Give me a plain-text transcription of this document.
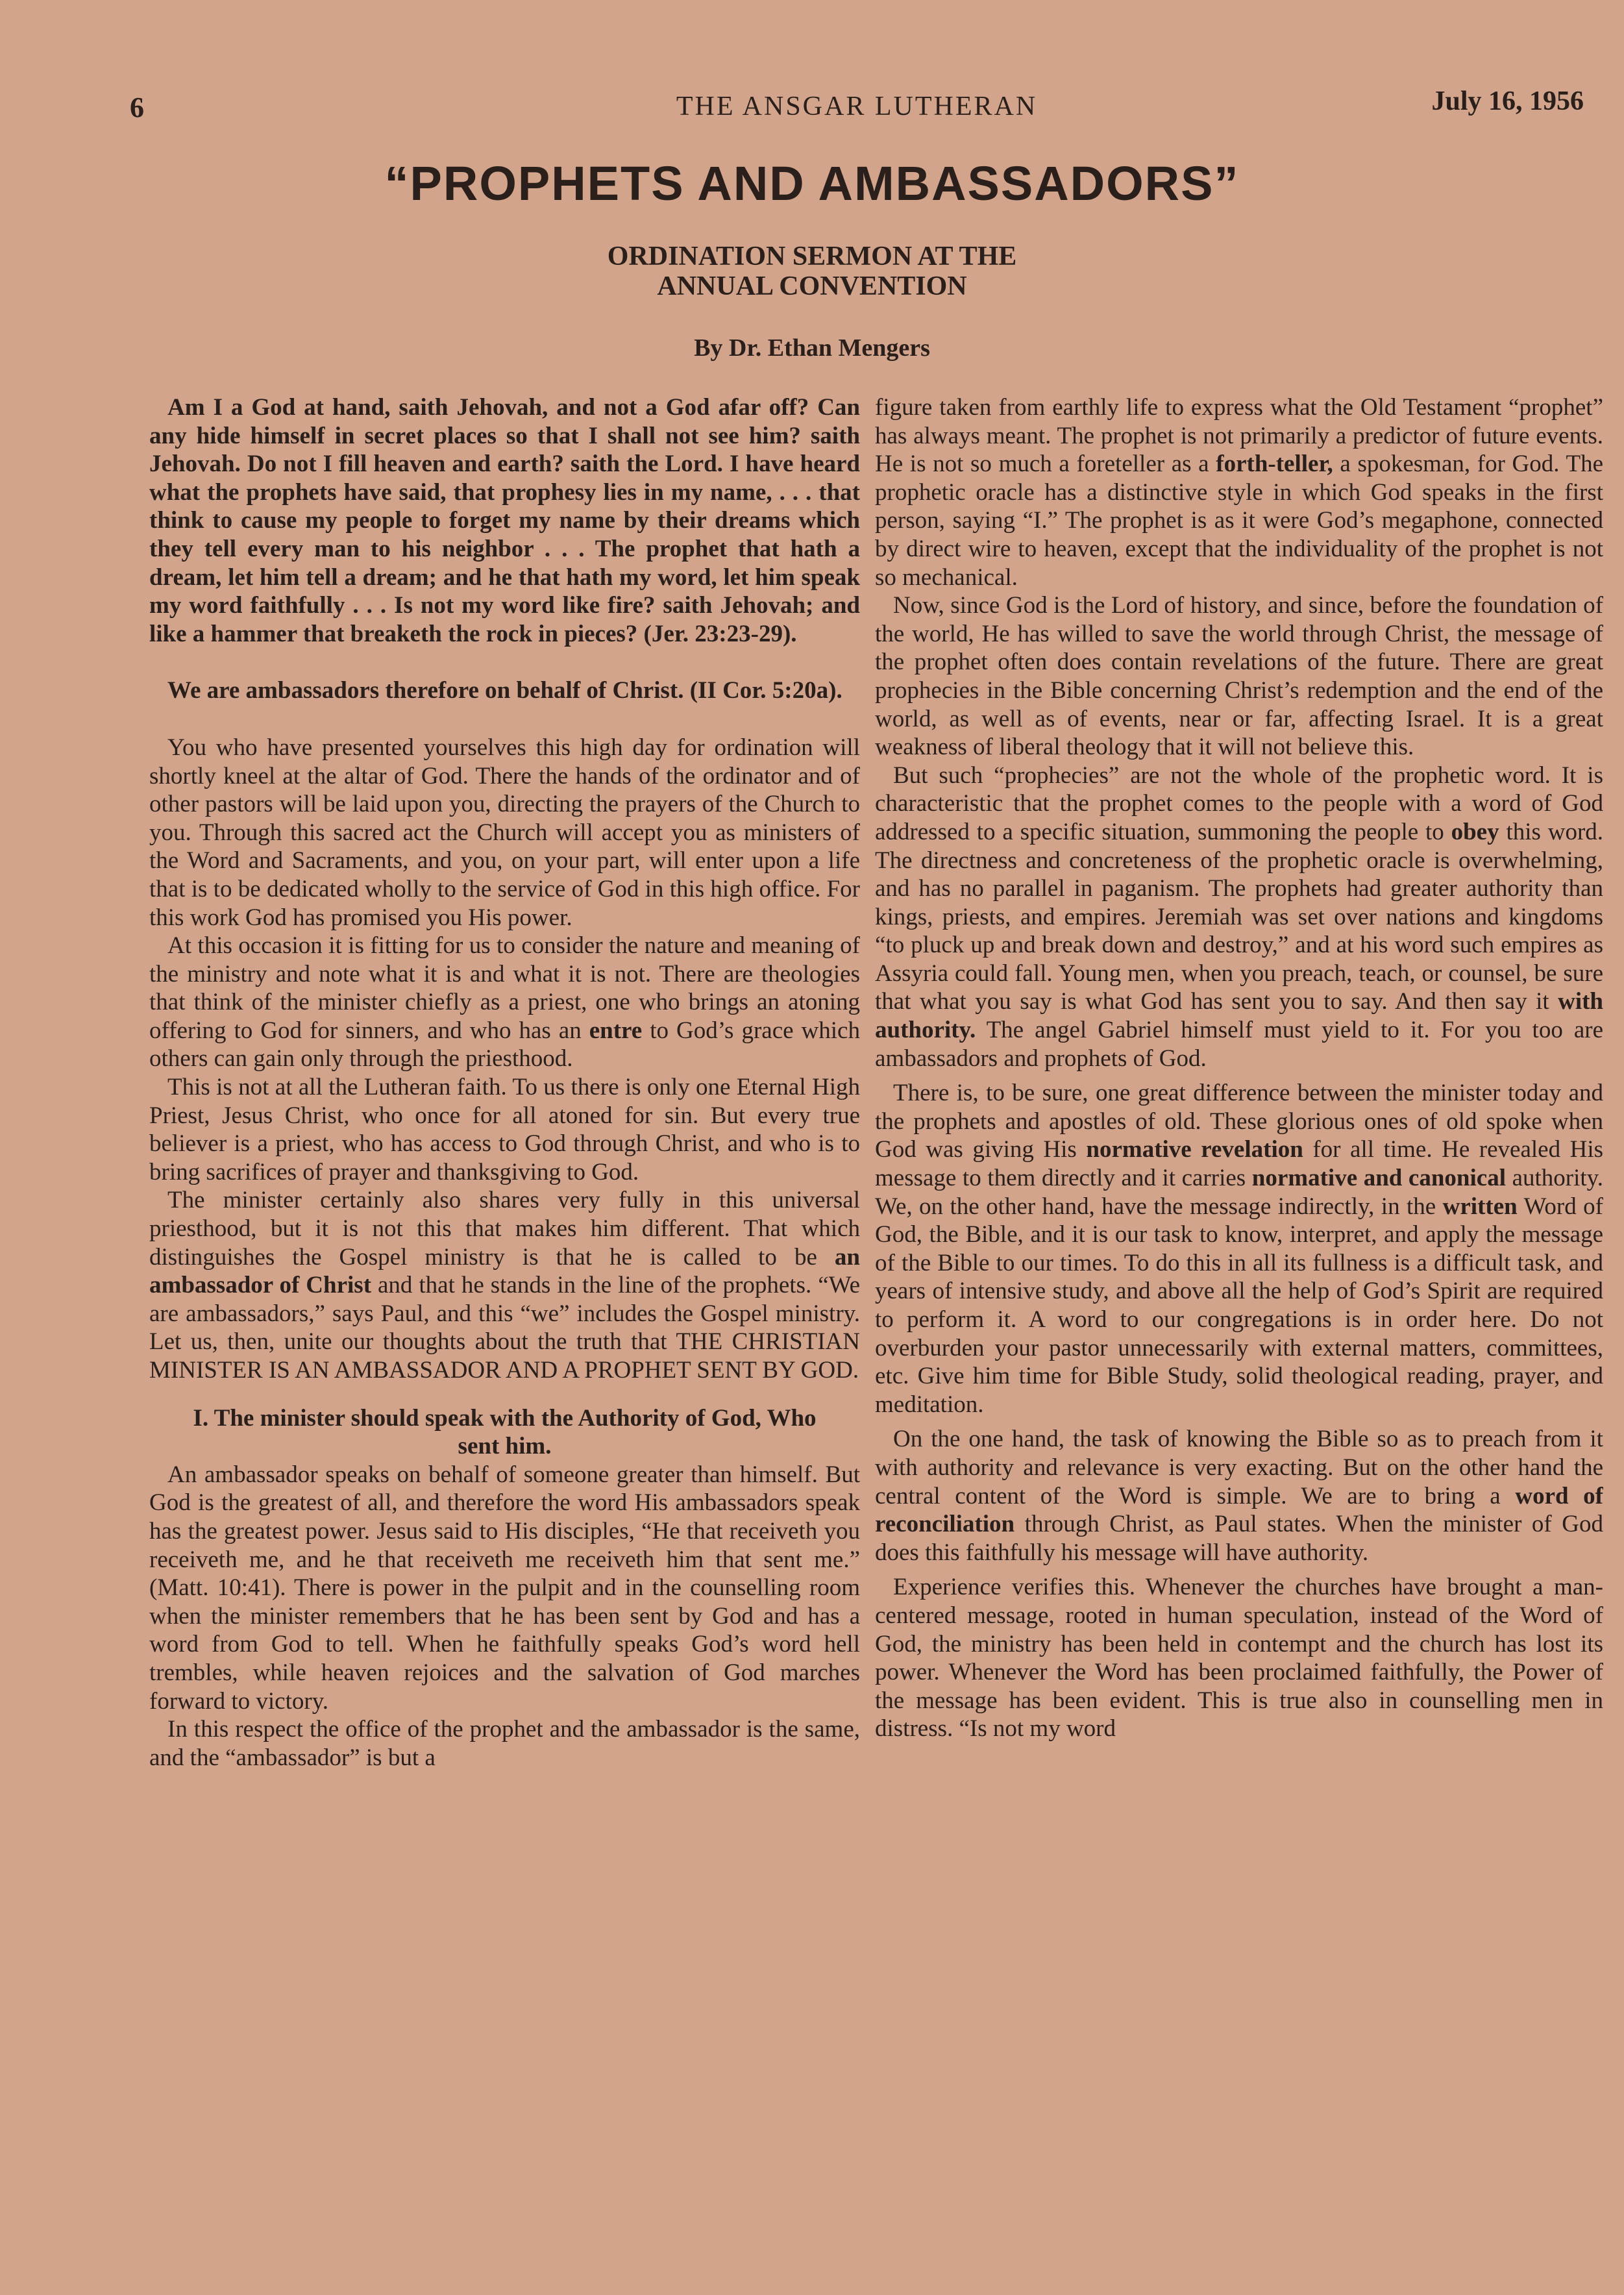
6	THE ANSGAR LUTHERAN	July 16, 1956
“PROPHETS AND AMBASSADORS”
ORDINATION SERMON AT THE ANNUAL CONVENTION
By Dr. Ethan Mengers

Am I a God at hand, saith Jehovah, and not a God afar off? Can any hide himself in secret places so that I shall not see him? saith Jehovah. Do not I fill heaven and earth? saith the Lord. I have heard what the prophets have said, that prophesy lies in my name, . . . that think to cause my people to forget my name by their dreams which they tell every man to his neighbor . . . The prophet that hath a dream, let him tell a dream; and he that hath my word, let him speak my word faithfully . . . Is not my word like fire? saith Jehovah; and like a hammer that breaketh the rock in pieces? (Jer. 23:23-29).

We are ambassadors therefore on behalf of Christ. (II Cor. 5:20a).

You who have presented yourselves this high day for ordination will shortly kneel at the altar of God. There the hands of the ordinator and of other pastors will be laid upon you, directing the prayers of the Church to you. Through this sacred act the Church will accept you as ministers of the Word and Sacraments, and you, on your part, will enter upon a life that is to be dedicated wholly to the service of God in this high office. For this work God has promised you His power.

At this occasion it is fitting for us to consider the nature and meaning of the ministry and note what it is and what it is not. There are theologies that think of the minister chiefly as a priest, one who brings an atoning offering to God for sinners, and who has an entre to God’s grace which others can gain only through the priesthood.

This is not at all the Lutheran faith. To us there is only one Eternal High Priest, Jesus Christ, who once for all atoned for sin. But every true believer is a priest, who has access to God through Christ, and who is to bring sacrifices of prayer and thanksgiving to God.

The minister certainly also shares very fully in this universal priesthood, but it is not this that makes him different. That which distinguishes the Gospel ministry is that he is called to be an ambassador of Christ and that he stands in the line of the prophets. “We are ambassadors,” says Paul, and this “we” includes the Gospel ministry. Let us, then, unite our thoughts about the truth that THE CHRISTIAN MINISTER IS AN AMBASSADOR AND A PROPHET SENT BY GOD.

I. The minister should speak with the Authority of God, Who sent him.

An ambassador speaks on behalf of someone greater than himself. But God is the greatest of all, and therefore the word His ambassadors speak has the greatest power. Jesus said to His disciples, “He that receiveth you receiveth me, and he that receiveth me receiveth him that sent me.” (Matt. 10:41). There is power in the pulpit and in the counselling room when the minister remembers that he has been sent by God and has a word from God to tell. When he faithfully speaks God’s word hell trembles, while heaven rejoices and the salvation of God marches forward to victory.

In this respect the office of the prophet and the ambassador is the same, and the “ambassador” is but a

figure taken from earthly life to express what the Old Testament “prophet” has always meant. The prophet is not primarily a predictor of future events. He is not so much a foreteller as a forth-teller, a spokesman, for God. The prophetic oracle has a distinctive style in which God speaks in the first person, saying “I.” The prophet is as it were God’s megaphone, connected by direct wire to heaven, except that the individuality of the prophet is not so mechanical.

Now, since God is the Lord of history, and since, before the foundation of the world, He has willed to save the world through Christ, the message of the prophet often does contain revelations of the future. There are great prophecies in the Bible concerning Christ’s redemption and the end of the world, as well as of events, near or far, affecting Israel. It is a great weakness of liberal theology that it will not believe this.

But such “prophecies” are not the whole of the prophetic word. It is characteristic that the prophet comes to the people with a word of God addressed to a specific situation, summoning the people to obey this word. The directness and concreteness of the prophetic oracle is overwhelming, and has no parallel in paganism. The prophets had greater authority than kings, priests, and empires. Jeremiah was set over nations and kingdoms “to pluck up and break down and destroy,” and at his word such empires as Assyria could fall. Young men, when you preach, teach, or counsel, be sure that what you say is what God has sent you to say. And then say it with authority. The angel Gabriel himself must yield to it. For you too are ambassadors and prophets of God.

There is, to be sure, one great difference between the minister today and the prophets and apostles of old. These glorious ones of old spoke when God was giving His normative revelation for all time. He revealed His message to them directly and it carries normative and canonical authority. We, on the other hand, have the message indirectly, in the written Word of God, the Bible, and it is our task to know, interpret, and apply the message of the Bible to our times. To do this in all its fullness is a difficult task, and years of intensive study, and above all the help of God’s Spirit are required to perform it. A word to our congregations is in order here. Do not overburden your pastor unnecessarily with external matters, committees, etc. Give him time for Bible Study, solid theological reading, prayer, and meditation.

On the one hand, the task of knowing the Bible so as to preach from it with authority and relevance is very exacting. But on the other hand the central content of the Word is simple. We are to bring a word of reconciliation through Christ, as Paul states. When the minister of God does this faithfully his message will have authority.

Experience verifies this. Whenever the churches have brought a man-centered message, rooted in human speculation, instead of the Word of God, the ministry has been held in contempt and the church has lost its power. Whenever the Word has been proclaimed faithfully, the Power of the message has been evident. This is true also in counselling men in distress. “Is not my word
